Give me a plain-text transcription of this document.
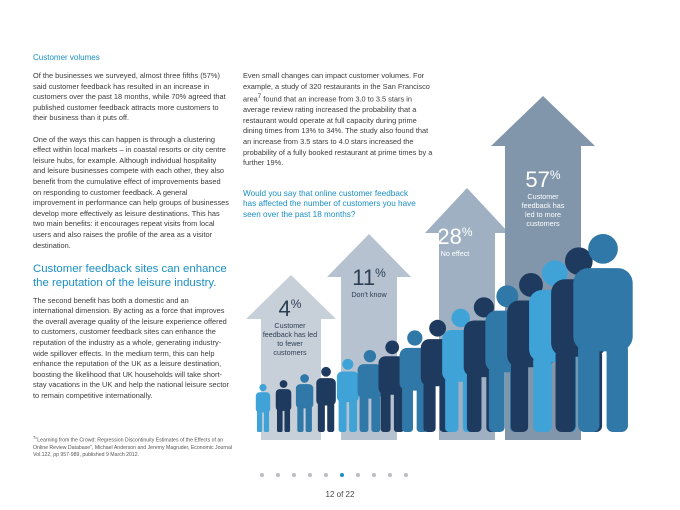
Customer volumes

Of the businesses we surveyed, almost three fifths (57%) said customer feedback has resulted in an increase in customers over the past 18 months, while 70% agreed that published customer feedback attracts more customers to their business than it puts off.

One of the ways this can happen is through a clustering effect within local markets – in coastal resorts or city centre leisure hubs, for example. Although individual hospitality and leisure businesses compete with each other, they also benefit from the cumulative effect of improvements based on responding to customer feedback. A general improvement in performance can help groups of businesses develop more effectively as leisure destinations. This has two main benefits: it encourages repeat visits from local users and also raises the profile of the area as a visitor destination.

Customer feedback sites can enhance the reputation of the leisure industry.

The second benefit has both a domestic and an international dimension. By acting as a force that improves the overall average quality of the leisure experience offered to customers, customer feedback sites can enhance the reputation of the industry as a whole, generating industry-wide spillover effects. In the medium term, this can help enhance the reputation of the UK as a leisure destination, boosting the likelihood that UK households will take short-stay vacations in the UK and help the national leisure sector to remain competitive internationally.

$^7$"Learning from the Crowd: Regression Discontinuity Estimates of the Effects of an Online Review Database", Michael Anderson and Jeremy Magruder, Economic Journal Vol.122, pp 957-989, published 9 March 2012.

Even small changes can impact customer volumes. For example, a study of 320 restaurants in the San Francisco area$^7$ found that an increase from 3.0 to 3.5 stars in average review rating increased the probability that a restaurant would operate at full capacity during prime dining times from 13% to 34%. The study also found that an increase from 3.5 stars to 4.0 stars increased the probability of a fully booked restaurant at prime times by a further 19%.

Would you say that online customer feedback has affected the number of customers you have seen over the past 18 months?
4%
Customer feedback has led to fewer customers
11%
Don't know
28%
No effect
57%
Customer feedback has led to more customers
12 of 22
